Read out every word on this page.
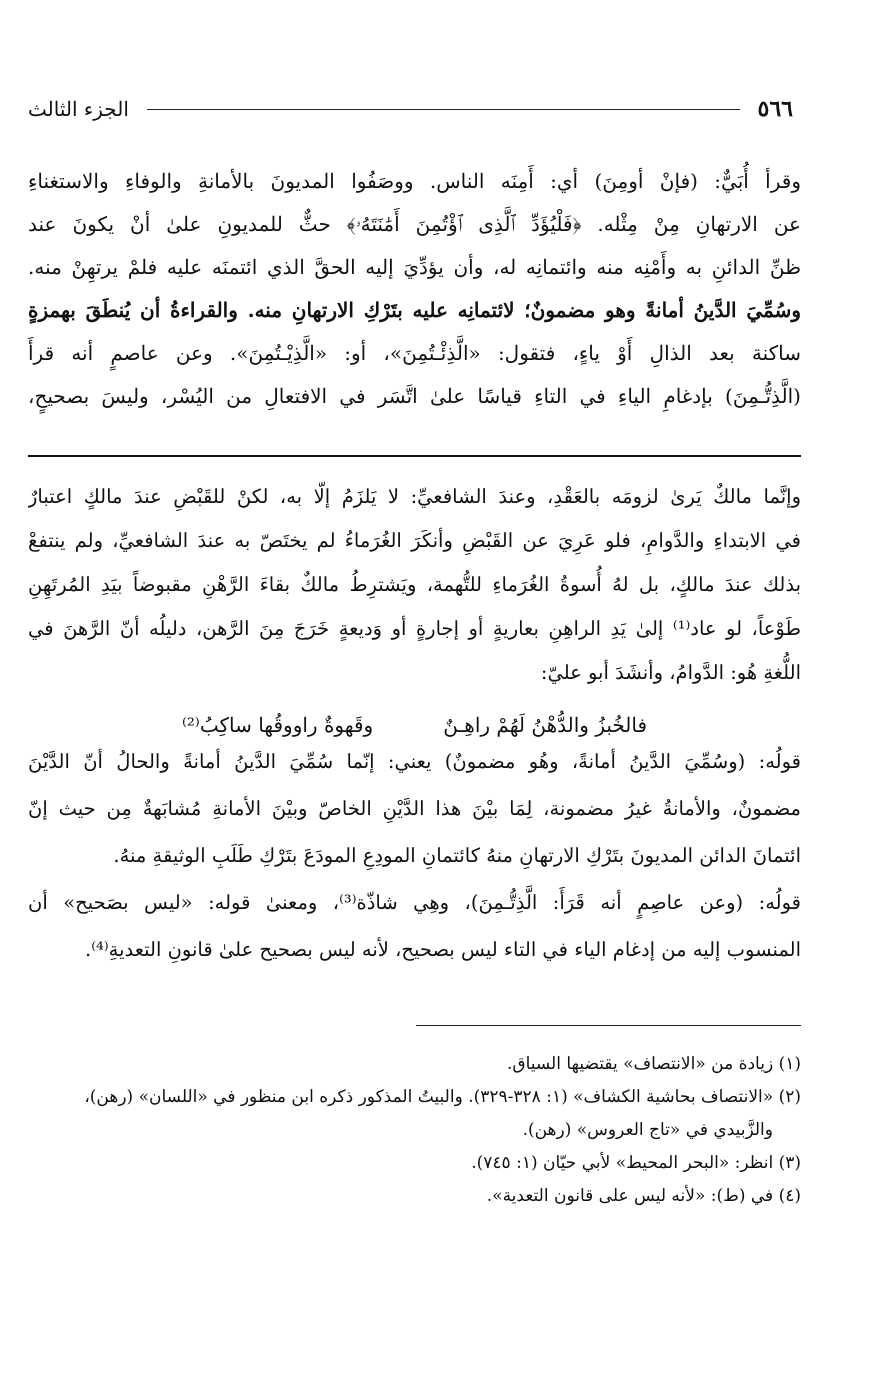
٥٦٦
الجزء الثالث
وقرأ أُبَيٌّ: (فإنْ أومِنَ) أي: أَمِنَه الناس. ووصَفُوا المديونَ بالأمانةِ والوفاءِ والاستغناءِ
عن الارتهانِ مِنْ مِثْله. ﴿فَلْيُؤَدِّ ٱلَّذِى ٱؤْتُمِنَ أَمَٰنَتَهُۥ﴾ حثٌّ للمديونِ علىٰ أنْ يكونَ عند
ظنِّ الدائنِ به وأَمْنِه منه وائتمانِه له، وأن يؤدِّيَ إليه الحقَّ الذي ائتمنَه عليه فلمْ يرتهِنْ منه.
وسُمِّيَ الدَّينُ أمانةً وهو مضمونٌ؛ لائتمانِه عليه بتَرْكِ الارتهانِ منه. والقراءةُ أن يُنطَقَ بهمزةٍ
ساكنة بعد الذالِ أَوْ ياءٍ، فتقول: «الَّذِئْـتُمِنَ»، أو: «الَّذِيْـتُمِنَ». وعن عاصمٍ أنه قرأَ
(الَّذِتُّـمِنَ) بإدغامِ الياءِ في التاءِ قياسًا علىٰ اتَّسَر في الافتعالِ من اليُسْر، وليسَ بصحيحٍ،
وإنَّما مالكٌ يَرىٰ لزومَه بالعَقْدِ، وعندَ الشافعيِّ: لا يَلزَمُ إلّا به، لكنْ للقَبْضِ عندَ مالكٍ اعتبارٌ
في الابتداءِ والدَّوامِ، فلو عَرِيَ عن القَبْضِ وأنكَرَ الغُرَماءُ لم يختَصّ به عندَ الشافعيِّ، ولم ينتفعْ
بذلك عندَ مالكٍ، بل لهُ أُسوةُ الغُرَماءِ للتُّهمة، ويَشترِطُ مالكٌ بقاءَ الرَّهْنِ مقبوضاً بيَدِ المُرتَهِنِ
طَوْعاً، لو عاد⁽¹⁾ إلىٰ يَدِ الراهِنِ بعاريةٍ أو إجارةٍ أو وَديعةٍ خَرَجَ مِنَ الرَّهن، دليلُه أنّ الرَّهنَ في
اللُّغةِ هُو: الدَّوامُ، وأنشَدَ أبو عليّ:
فالخُبزُ والدُّهْنُ لَهُمْ راهِـنٌ
وقَهوةٌ راووقُها ساكِبُ⁽²⁾
قولُه: (وسُمِّيَ الدَّينُ أمانةً، وهُو مضمونٌ) يعني: إنّما سُمِّيَ الدَّينُ أمانةً والحالُ أنّ الدَّيْنَ
مضمونٌ، والأمانةُ غيرُ مضمونة، لِمَا بيْنَ هذا الدَّيْنِ الخاصّ وبيْنَ الأمانةِ مُشابَهةٌ مِن حيث إنّ
ائتمانَ الدائن المديونَ بتَرْكِ الارتهانِ منهُ كائتمانِ المودِعِ المودَعَ بتَرْكِ طَلَبِ الوثيقةِ منهُ.
قولُه: (وعن عاصِمٍ أنه قَرَأَ: الَّذِتُّـمِنَ)، وهِي شاذّة⁽³⁾، ومعنىٰ قوله: «ليس بصَحيح» أن
المنسوب إليه من إدغام الياء في التاء ليس بصحيح، لأنه ليس بصحيح علىٰ قانونِ التعديةِ⁽⁴⁾.
(١) زيادة من «الانتصاف» يقتضيها السياق.
(٢) «الانتصاف بحاشية الكشاف» (١: ٣٢٨-٣٢٩). والبيتُ المذكور ذكره ابن منظور في «اللسان» (رهن)،
والزَّبيدي في «تاج العروس» (رهن).
(٣) انظر: «البحر المحيط» لأبي حيّان (١: ٧٤٥).
(٤) في (ط): «لأنه ليس على قانون التعدية».
